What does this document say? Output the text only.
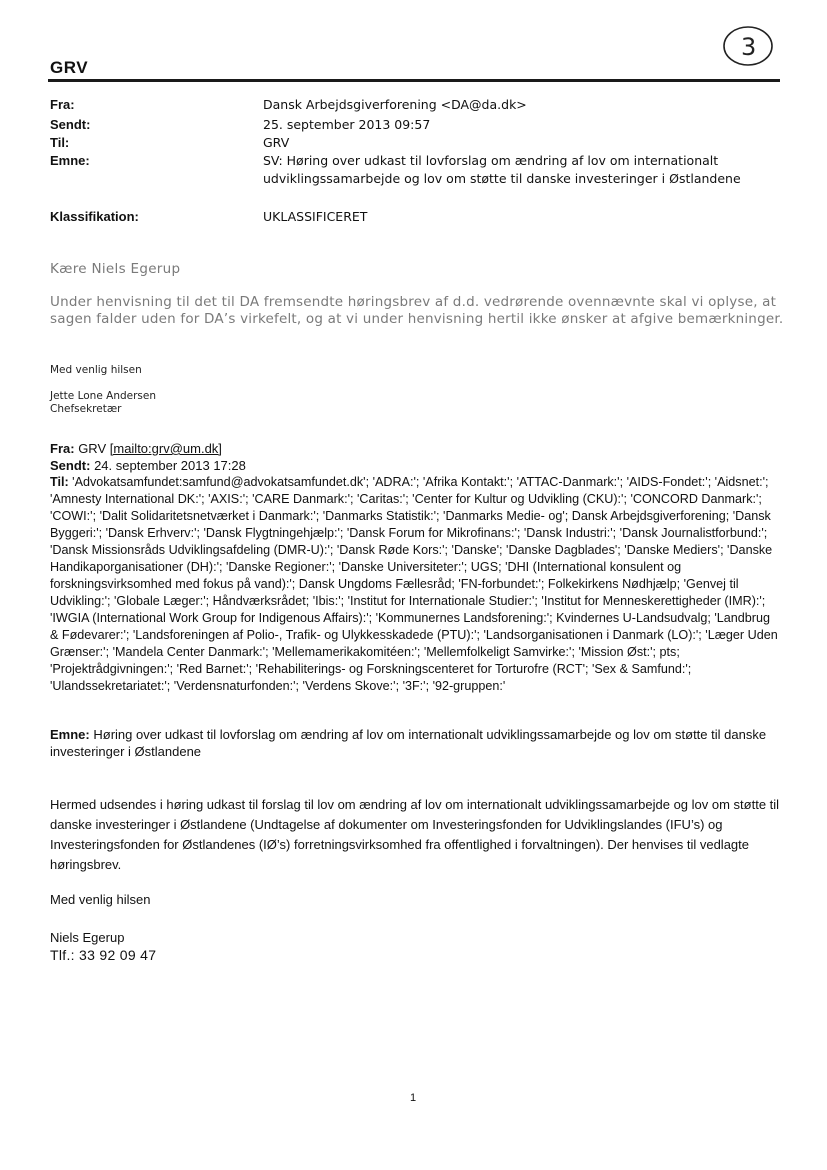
GRV
3
Fra:	Dansk Arbejdsgiverforening <DA@da.dk>
Sendt:	25. september 2013 09:57
Til:	GRV
Emne:	SV: Høring over udkast til lovforslag om ændring af lov om internationalt udviklingssamarbejde og lov om støtte til danske investeringer i Østlandene
Klassifikation:	UKLASSIFICERET
Kære Niels Egerup
Under henvisning til det til DA fremsendte høringsbrev af d.d. vedrørende ovennævnte skal vi oplyse, at sagen falder uden for DA’s virkefelt, og at vi under henvisning hertil ikke ønsker at afgive bemærkninger.
Med venlig hilsen
Jette Lone Andersen
Chefsekretær
Fra: GRV [mailto:grv@um.dk]
Sendt: 24. september 2013 17:28
Til: 'Advokatsamfundet:samfund@advokatsamfundet.dk'; 'ADRA:'; 'Afrika Kontakt:'; 'ATTAC-Danmark:'; 'AIDS-Fondet:'; 'Aidsnet:'; 'Amnesty International DK:'; 'AXIS:'; 'CARE Danmark:'; 'Caritas:'; 'Center for Kultur og Udvikling (CKU):'; 'CONCORD Danmark:'; 'COWI:'; 'Dalit Solidaritetsnetværket i Danmark:'; 'Danmarks Statistik:'; 'Danmarks Medie- og'; Dansk Arbejdsgiverforening; 'Dansk Byggeri:'; 'Dansk Erhverv:'; 'Dansk Flygtningehjælp:'; 'Dansk Forum for Mikrofinans:'; 'Dansk Industri:'; 'Dansk Journalistforbund:'; 'Dansk Missionsråds Udviklingsafdeling (DMR-U):'; 'Dansk Røde Kors:'; 'Danske'; 'Danske Dagblades'; 'Danske Mediers'; 'Danske Handikaporganisationer (DH):'; 'Danske Regioner:'; 'Danske Universiteter:'; UGS; 'DHI (International konsulent og forskningsvirksomhed med fokus på vand):'; Dansk Ungdoms Fællesråd; 'FN-forbundet:'; Folkekirkens Nødhjælp; 'Genvej til Udvikling:'; 'Globale Læger:'; Håndværksrådet; 'Ibis:'; 'Institut for Internationale Studier:'; 'Institut for Menneskerettigheder (IMR):'; 'IWGIA (International Work Group for Indigenous Affairs):'; 'Kommunernes Landsforening:'; Kvindernes U-Landsudvalg; 'Landbrug & Fødevarer:'; 'Landsforeningen af Polio-, Trafik- og Ulykkesskadede (PTU):'; 'Landsorganisationen i Danmark (LO):'; 'Læger Uden Grænser:'; 'Mandela Center Danmark:'; 'Mellemamerikakomitéen:'; 'Mellemfolkeligt Samvirke:'; 'Mission Øst:'; pts; 'Projektrådgivningen:'; 'Red Barnet:'; 'Rehabiliterings- og Forskningscenteret for Torturofre (RCT'; 'Sex & Samfund:'; 'Ulandssekretariatet:'; 'Verdensnaturfonden:'; 'Verdens Skove:'; '3F:'; '92-gruppen:'
Emne: Høring over udkast til lovforslag om ændring af lov om internationalt udviklingssamarbejde og lov om støtte til danske investeringer i Østlandene
Hermed udsendes i høring udkast til forslag til lov om ændring af lov om internationalt udviklingssamarbejde og lov om støtte til danske investeringer i Østlandene (Undtagelse af dokumenter om Investeringsfonden for Udviklingslandes (IFU’s) og Investeringsfonden for Østlandenes (IØ’s) forretningsvirksomhed fra offentlighed i forvaltningen). Der henvises til vedlagte høringsbrev.
Med venlig hilsen
Niels Egerup
Tlf.: 33 92 09 47
1
